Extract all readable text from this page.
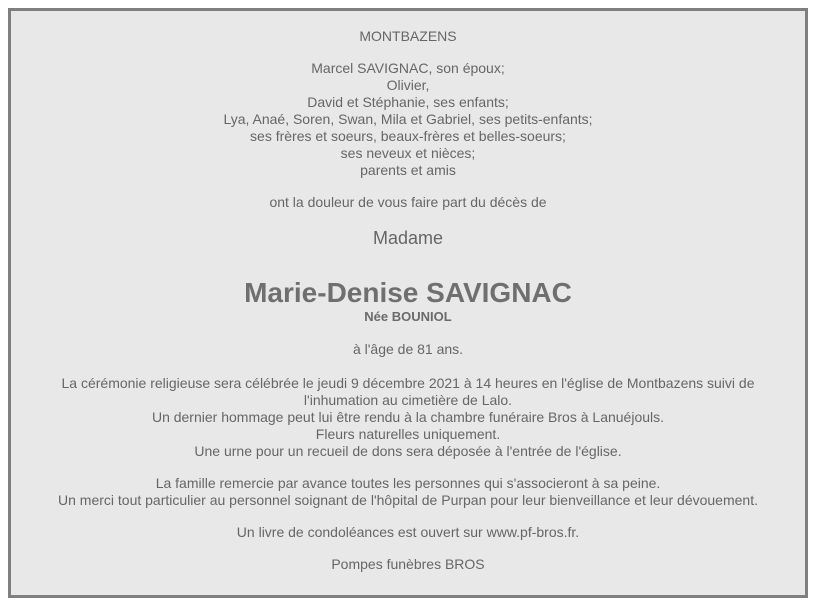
MONTBAZENS
Marcel SAVIGNAC, son époux;
Olivier,
David et Stéphanie, ses enfants;
Lya, Anaé, Soren, Swan, Mila et Gabriel, ses petits-enfants;
ses frères et soeurs, beaux-frères et belles-soeurs;
ses neveux et nièces;
parents et amis
ont la douleur de vous faire part du décès de
Madame
Marie-Denise SAVIGNAC
Née BOUNIOL
à l'âge de 81 ans.
La cérémonie religieuse sera célébrée le jeudi 9 décembre 2021 à 14 heures en l'église de Montbazens suivi de l'inhumation au cimetière de Lalo.
Un dernier hommage peut lui être rendu à la chambre funéraire Bros à Lanuéjouls.
Fleurs naturelles uniquement.
Une urne pour un recueil de dons sera déposée à l'entrée de l'église.
La famille remercie par avance toutes les personnes qui s'associeront à sa peine.
Un merci tout particulier au personnel soignant de l'hôpital de Purpan pour leur bienveillance et leur dévouement.
Un livre de condoléances est ouvert sur www.pf-bros.fr.
Pompes funèbres BROS
